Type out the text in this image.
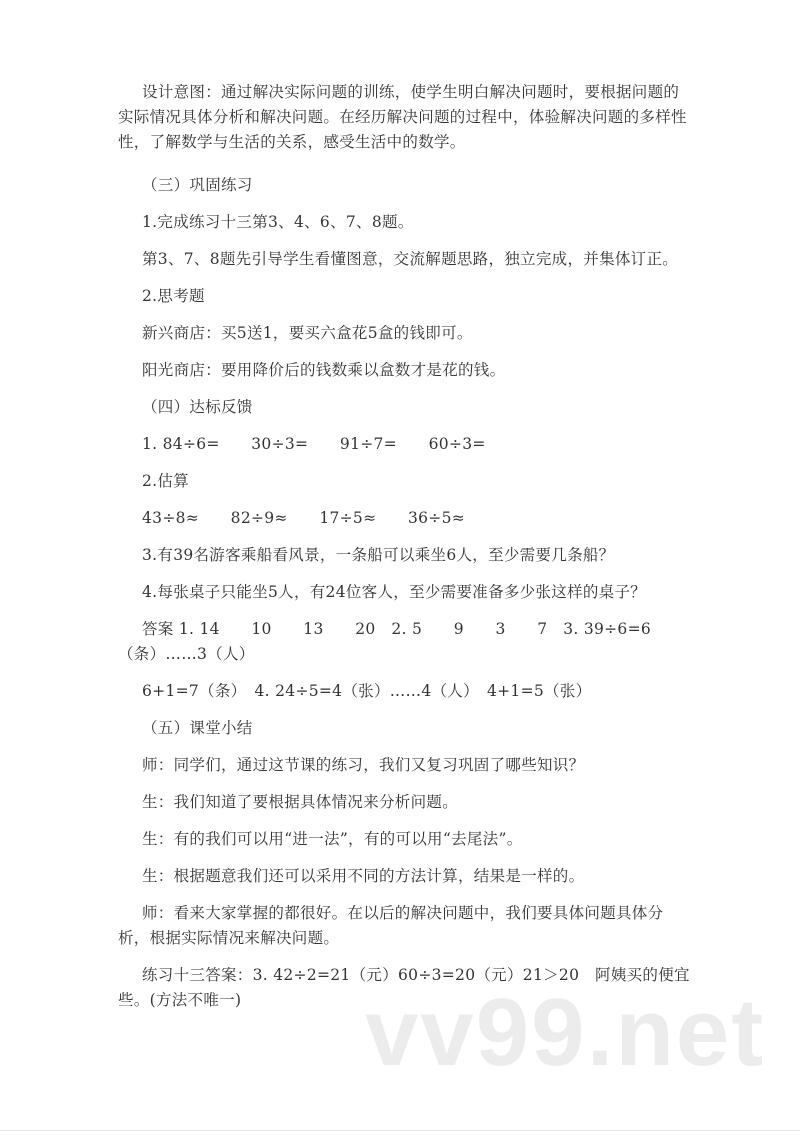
设计意图：通过解决实际问题的训练，使学生明白解决问题时，要根据问题的实际情况具体分析和解决问题。在经历解决问题的过程中，体验解决问题的多样性性，了解数学与生活的关系，感受生活中的数学。

（三）巩固练习

1.完成练习十三第3、4、6、7、8题。

第3、7、8题先引导学生看懂图意，交流解题思路，独立完成，并集体订正。

2.思考题

新兴商店：买5送1，要买六盒花5盒的钱即可。

阳光商店：要用降价后的钱数乘以盒数才是花的钱。

（四）达标反馈

1. 84÷6=　　30÷3=　　91÷7=　　60÷3=

2.估算

43÷8≈　　82÷9≈　　17÷5≈　　36÷5≈

3.有39名游客乘船看风景，一条船可以乘坐6人，至少需要几条船？

4.每张桌子只能坐5人，有24位客人，至少需要准备多少张这样的桌子？

答案 1. 14　　10　　13　　20　2. 5　　9　　3　　7　3. 39÷6=6（条）……3（人）

6+1=7（条）　4. 24÷5=4（张）……4（人）　4+1=5（张）

（五）课堂小结

师：同学们，通过这节课的练习，我们又复习巩固了哪些知识？

生：我们知道了要根据具体情况来分析问题。

生：有的我们可以用“进一法”，有的可以用“去尾法”。

生：根据题意我们还可以采用不同的方法计算，结果是一样的。

师：看来大家掌握的都很好。在以后的解决问题中，我们要具体问题具体分析，根据实际情况来解决问题。

练习十三答案：3. 42÷2=21（元）60÷3=20（元）21＞20　阿姨买的便宜些。(方法不唯一)	vv99.net
